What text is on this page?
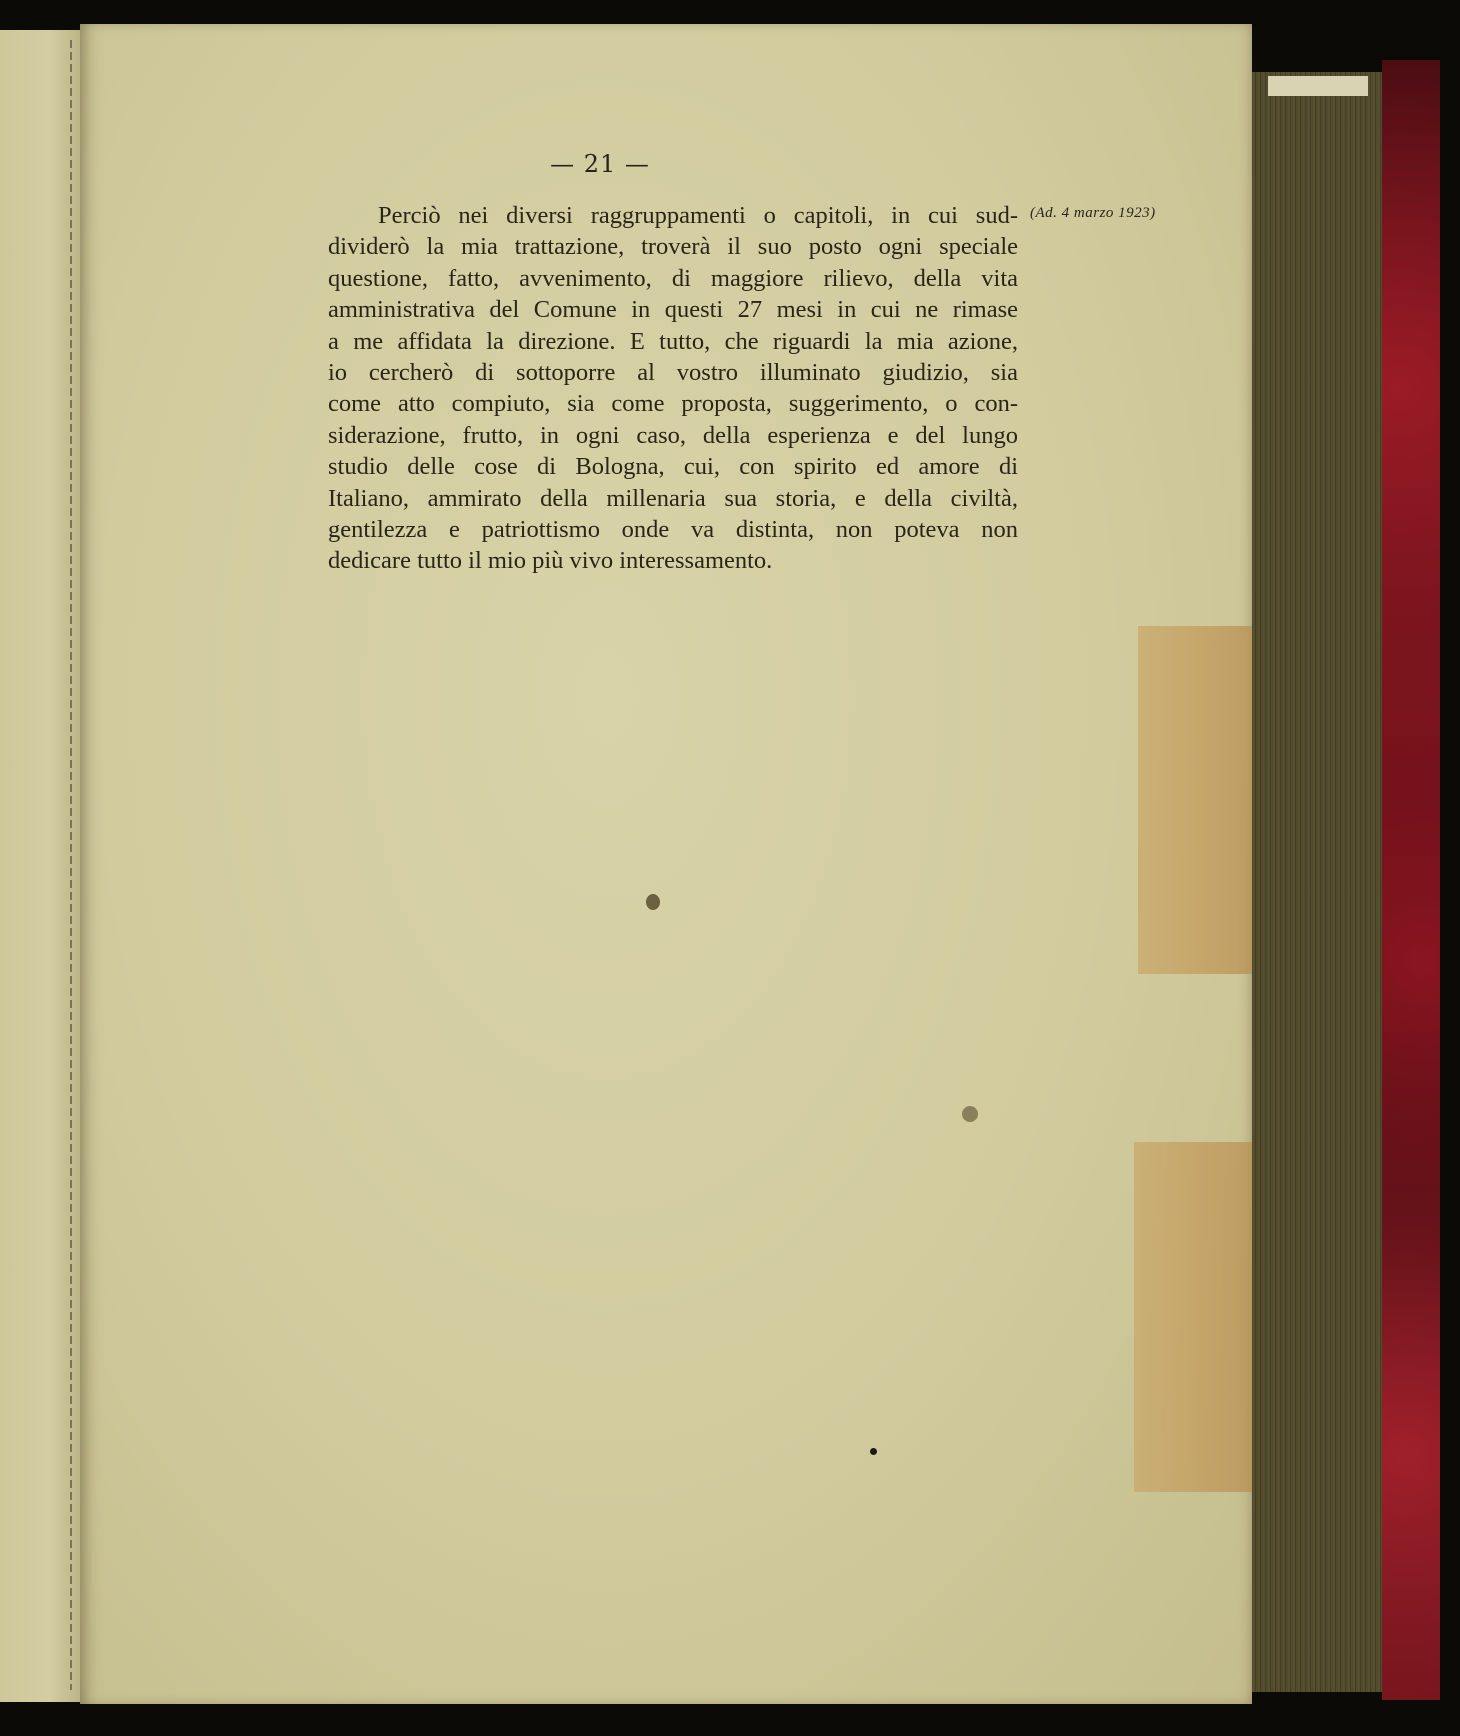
— 21 —
(Ad. 4 marzo 1923)
Perciò nei diversi raggruppamenti o capitoli, in cui sud-
dividerò la mia trattazione, troverà il suo posto ogni speciale
questione, fatto, avvenimento, di maggiore rilievo, della vita
amministrativa del Comune in questi 27 mesi in cui ne rimase
a me affidata la direzione. E tutto, che riguardi la mia azione,
io cercherò di sottoporre al vostro illuminato giudizio, sia
come atto compiuto, sia come proposta, suggerimento, o con-
siderazione, frutto, in ogni caso, della esperienza e del lungo
studio delle cose di Bologna, cui, con spirito ed amore di
Italiano, ammirato della millenaria sua storia, e della civiltà,
gentilezza e patriottismo onde va distinta, non poteva non
dedicare tutto il mio più vivo interessamento.
